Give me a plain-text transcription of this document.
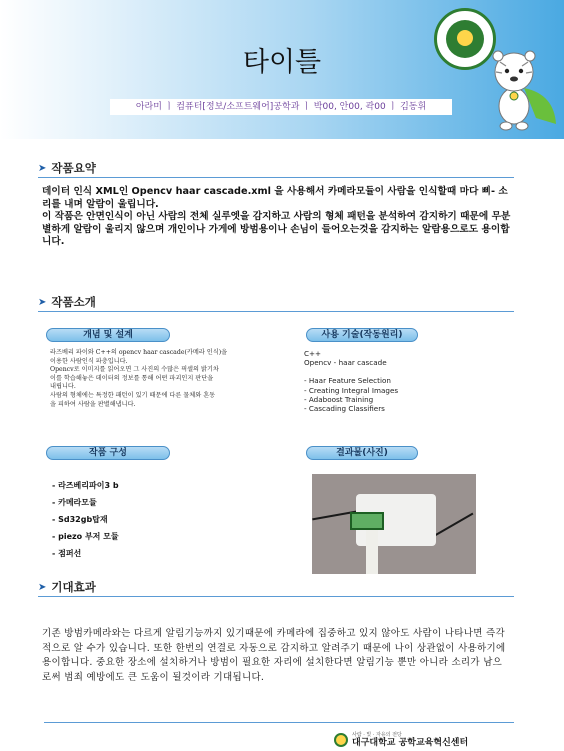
타이틀
아라미 ㅣ 컴퓨터[정보/소프트웨어]공학과 ㅣ 박00, 안00, 곽00 ㅣ 김동휘
➤ 작품요약

데이터 인식 XML인 Opencv haar cascade.xml 을 사용해서 카메라모듈이 사람을 인식할때 마다 삐- 소리를 내며 알람이 울립니다.

이 작품은 안면인식이 아닌 사람의 전체 실루엣을 감지하고 사람의 형체 패턴을 분석하여 감지하기 때문에 무분별하게 알람이 울리지 않으며 개인이나 가게에 방범용이나 손님이 들어오는것을 감지하는 알람용으로도 용이합니다.

➤ 작품소개
개념 및 설계	사용 기술(작동원리)

라즈베리 파이와 C++의 opencv haar cascade(카메라 인식)을

이용한 사람인식 파충입니다.

Opencv로 이미지를 읽어오면 그 사진의 수많은 픽셀의 밝기차

이를 학습해놓은 데이터의 정보를 통해 어떤 파괴인지 판단을

내립니다.

사람의 형체에는 특정한 패턴이 있기 때문에 다른 물체와 혼동

을 피하여 사람을 판별해냅니다.

C++

Opencv - haar cascade

- Haar Feature Selection

- Creating Integral Images

- Adaboost Training

- Cascading Classifiers

작품 구성	결과물(사진)
- 라즈베리파이3 b
- 카메라모듈
- Sd32gb탑재
- piezo 부저 모듈
- 점퍼선
➤ 기대효과
기존 방범카메라와는 다르게 알림기능까지 있기때문에 카메라에 집중하고 있지 않아도 사람이 나타나면 즉각적으로 알 수가 있습니다. 또한 한번의 연결로 자동으로 감지하고 알려주기 때문에 나이 상관없이 사용하기에 용이합니다. 중요한 장소에 설치하거나 방범이 필요한 자리에 설치한다면 알림기능 뿐만 아니라 소리가 남으로써 범죄 예방에도 큰 도움이 될것이라 기대됩니다.
사람 · 빛 · 자유의 전당
대구대학교 공학교육혁신센터
